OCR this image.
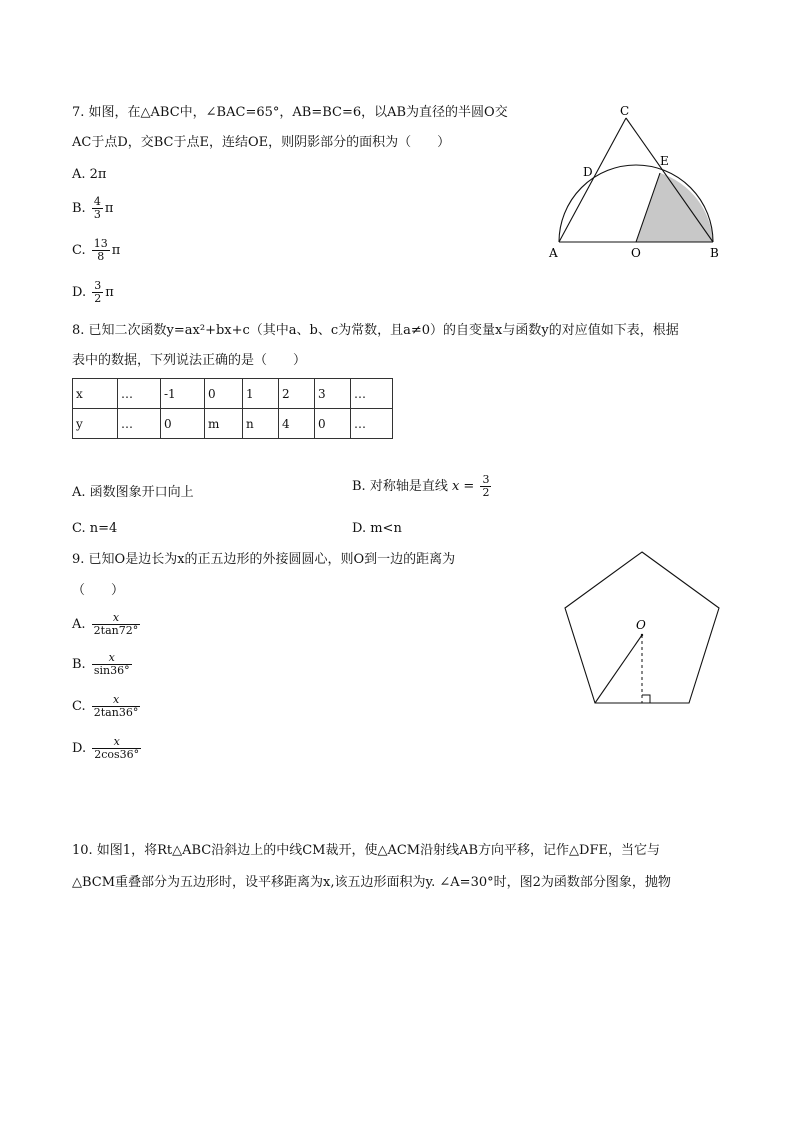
7. 如图，在△ABC中，∠BAC=65°，AB=BC=6，以AB为直径的半圆O交
AC于点D，交BC于点E，连结OE，则阴影部分的面积为（　　）
A. 2π
B. $\frac{4}{3}$ π
C. $\frac{13}{8}$ π
D. $\frac{3}{2}$ π
C
D
E
A	O	B
8. 已知二次函数y=ax²+bx+c（其中a、b、c为常数，且a≠0）的自变量x与函数y的对应值如下表，根据
表中的数据，下列说法正确的是（　　）
x	…	-1	0	1	2	3	…
y	…	0	m	n	4	0	…
A. 函数图象开口向上	B. 对称轴是直线 $x = \frac{3}{2}$
C. n=4	D. m<n
9. 已知O是边长为x的正五边形的外接圆圆心，则O到一边的距离为
（　　）
A. $\frac{x}{2\tan 72^\circ}$
B. $\frac{x}{\sin 36^\circ}$
C. $\frac{x}{2\tan 36^\circ}$
D. $\frac{x}{2\cos 36^\circ}$
O
10. 如图1，将Rt△ABC沿斜边上的中线CM裁开，使△ACM沿射线AB方向平移，记作△DFE，当它与
△BCM重叠部分为五边形时，设平移距离为x,该五边形面积为y. ∠A=30°时，图2为函数部分图象，抛物
